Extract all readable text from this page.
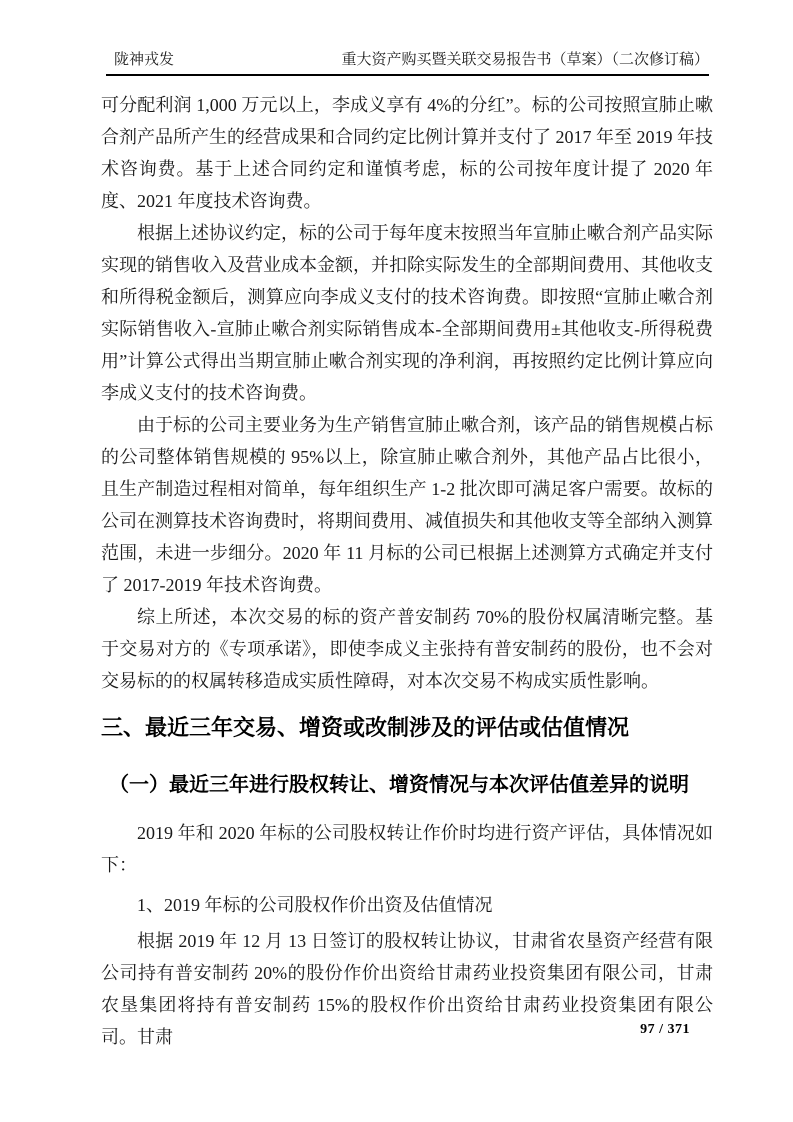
陇神戎发	重大资产购买暨关联交易报告书（草案）（二次修订稿）

可分配利润 1,000 万元以上，李成义享有 4%的分红”。标的公司按照宣肺止嗽合剂产品所产生的经营成果和合同约定比例计算并支付了 2017 年至 2019 年技术咨询费。基于上述合同约定和谨慎考虑，标的公司按年度计提了 2020 年度、2021 年度技术咨询费。

根据上述协议约定，标的公司于每年度末按照当年宣肺止嗽合剂产品实际实现的销售收入及营业成本金额，并扣除实际发生的全部期间费用、其他收支和所得税金额后，测算应向李成义支付的技术咨询费。即按照“宣肺止嗽合剂实际销售收入-宣肺止嗽合剂实际销售成本-全部期间费用±其他收支-所得税费用”计算公式得出当期宣肺止嗽合剂实现的净利润，再按照约定比例计算应向李成义支付的技术咨询费。

由于标的公司主要业务为生产销售宣肺止嗽合剂，该产品的销售规模占标的公司整体销售规模的 95%以上，除宣肺止嗽合剂外，其他产品占比很小，且生产制造过程相对简单，每年组织生产 1-2 批次即可满足客户需要。故标的公司在测算技术咨询费时，将期间费用、减值损失和其他收支等全部纳入测算范围，未进一步细分。2020 年 11 月标的公司已根据上述测算方式确定并支付了 2017-2019 年技术咨询费。

综上所述，本次交易的标的资产普安制药 70%的股份权属清晰完整。基于交易对方的《专项承诺》，即使李成义主张持有普安制药的股份，也不会对交易标的的权属转移造成实质性障碍，对本次交易不构成实质性影响。

三、最近三年交易、增资或改制涉及的评估或估值情况
（一）最近三年进行股权转让、增资情况与本次评估值差异的说明

2019 年和 2020 年标的公司股权转让作价时均进行资产评估，具体情况如下：

1、2019 年标的公司股权作价出资及估值情况

根据 2019 年 12 月 13 日签订的股权转让协议，甘肃省农垦资产经营有限公司持有普安制药 20%的股份作价出资给甘肃药业投资集团有限公司，甘肃农垦集团将持有普安制药 15%的股权作价出资给甘肃药业投资集团有限公司。甘肃	97 / 371
